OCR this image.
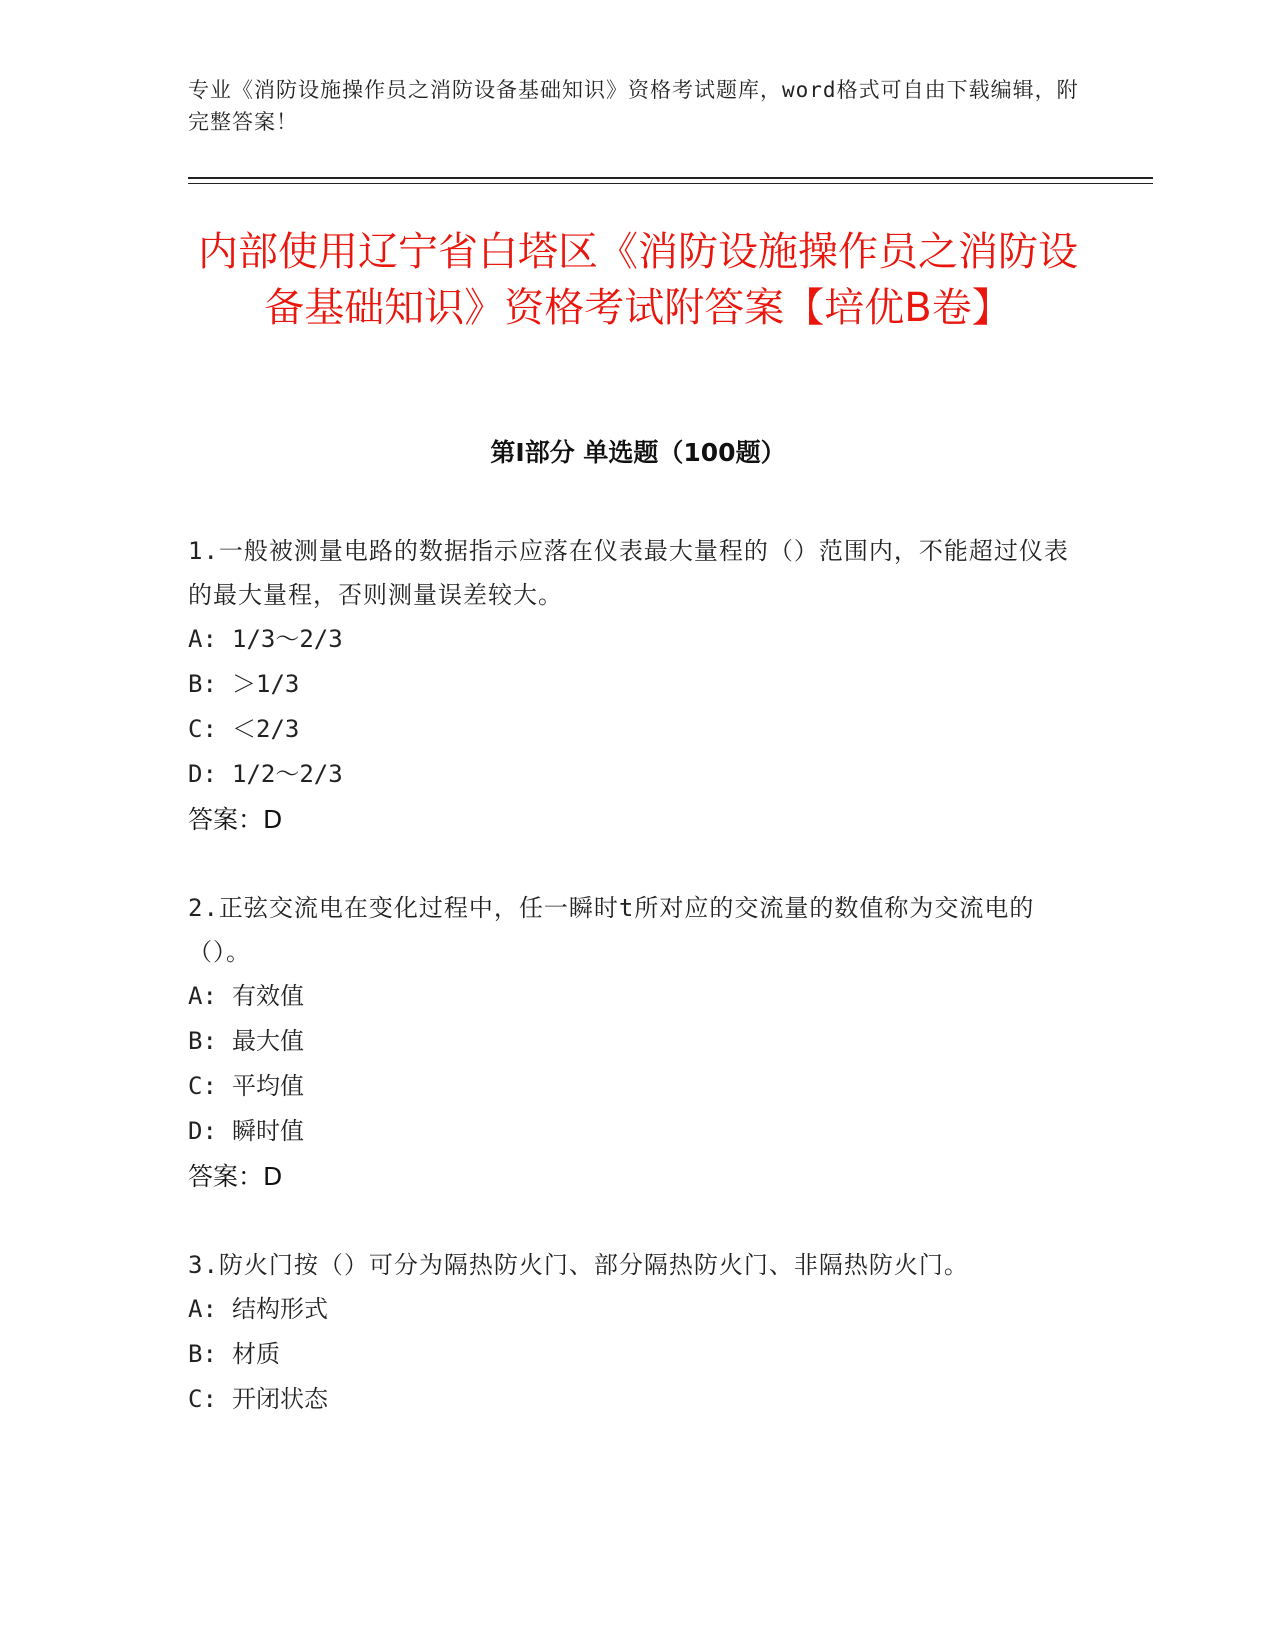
专业《消防设施操作员之消防设备基础知识》资格考试题库，word格式可自由下载编辑，附完整答案！
内部使用辽宁省白塔区《消防设施操作员之消防设备基础知识》资格考试附答案【培优B卷】
第I部分 单选题（100题）
1.一般被测量电路的数据指示应落在仪表最大量程的（）范围内，不能超过仪表的最大量程，否则测量误差较大。
A: 1/3～2/3
B: ＞1/3
C: ＜2/3
D: 1/2～2/3
答案：D
2.正弦交流电在变化过程中，任一瞬时t所对应的交流量的数值称为交流电的（）。
A: 有效值
B: 最大值
C: 平均值
D: 瞬时值
答案：D
3.防火门按（）可分为隔热防火门、部分隔热防火门、非隔热防火门。
A: 结构形式
B: 材质
C: 开闭状态
